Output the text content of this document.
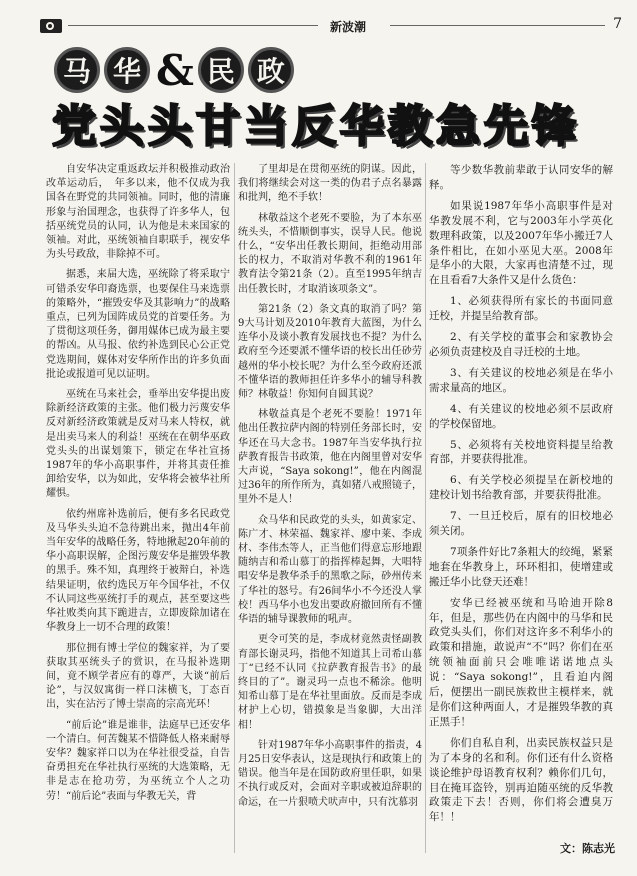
新波潮	7
马 华 & 民 政
党头头甘当反华教急先锋

自安华决定重返政坛并积极推动政治改革运动后，　年多以来，他不仅成为我国各在野党的共同领袖。同时，他的清廉形象与治国理念，也获得了许多华人，包括巫统党员的认同，认为他是未来国家的领袖。对此，巫统领袖自职联手，视安华为头号政敌，非除掉不可。

据悉，来届大选，巫统除了将采取宁可错杀安华印裔选票，也要保住马来选票的策略外，“摧毁安华及其影响力”的战略重点，已列为国阵成员党的首要任务。为了贯彻这项任务，御用媒体已成为最主要的帮凶。从马报、依约补选到民心公正党党选期间，媒体对安华所作出的许多负面批论或报道可见以证明。

巫统在马来社会，垂举出安华提出废除新经济政策的主张。他们极力污蔑安华反对新经济政策就是反对马来人特权，就是出卖马来人的利益！巫统在在朝华巫政党头头的出谋划策下，锁定在华社宣扬1987年的华小高职事件，并将其责任推卸给安华，以为如此，安华将会被华社所耀惧。

依约州席补选前后，便有多名民政党及马华头头迫不急待跳出来，抛出4年前当年安华的战略任务，特地揪起20年前的华小高职误解，企图污蔑安华是摧毁华教的黑手。殊不知，真理终于被辩白，补选结果证明，依约选民万年今国华社，不仅不认同这些巫统打手的观点，甚至要这些华社败类向其下跪进吉，立即废除加诸在华教身上一切不合理的政策！

那位拥有博士学位的魏家祥，为了要获取其巫统头子的赏识，在马报补选期间，竟不顾学者应有的尊严，大谈“前后论”，与汉奴寓街一样口沫横飞，丁态百出，实在沾污了博士崇高的宗高光环！

“前后论”谁是谁非，法庭早已还安华一个清白。何苦魏某不惜降低人格来耐辱安华？魏家祥口以为在华社很受益，自告奋勇担充在华社执行巫统的大选策略，无非是志在抢功劳，为巫统立个人之功劳！“前后论”表面与华教无关，背

了里却是在贯彻巫统的阴谋。因此，我们将继续会对这一类的伪君子点名暴露和批判，绝不手软！

林敬益这个老死不要脸，为了本东巫统头头，不惜顺倒事实，误导人民。他说什么，“安华出任教长期间，拒绝动用部长的权力，不取消对华教不利的1961年教育法令第21条（2）。直至1995年纳吉出任教长时，才取消该项条文”。

第21条（2）条文真的取消了吗？第9大马计划及2010年教育大蓝图，为什么连华小及谈小教育发展找也不提？为什么政府至今还要派不懂华语的校长出任砂劳越州的华小校长呢？为什么至今政府还派不懂华语的教师担任许多华小的辅导科教师？林敬益！你知何自圆其说？

林敬益真是个老死不要脸！1971年他出任教拉萨内阁的特别任务部长时，安华还在马大念书。1987年当安华执行拉萨教育报告书政策，他在内阁里曾对安华大声说，“Saya sokong!”，他在内阁混过36年的所作所为，真如猪八戒照镜子，里外不是人！

众马华和民政党的头头，如黄家定、陈广才、林荣福、魏家祥、廖中莱、李成材、李伟杰等人，正当他们得意忘形地跟随纳吉和希山慕丁的指挥棒起舞，大唱特唱安华是教华杀手的黑歌之际，砂州传来了华社的怒号。有26间华小不今还没人掌校！西马华小也发出要政府撤回所有不懂华语的辅导课教师的吼声。

更令可笑的是，李成材竟然责怪副教育部长谢灵玛，指他不知道其上司希山慕丁“已经不认同《拉萨教育报告书》的最终目的了”。谢灵玛一点也不稀涂。他明知希山慕丁是在华社里面放。反而是李成材护上心切，错摸象是当象脚，大出洋相！

针对1987年华小高职事件的指责，4月25日安华表认，这是现执行和政策上的错误。他当年是在国防政府里任职，如果不执行或反对，会面对辛职或被迫辞职的命运，在一片狠喷犬吠声中，只有沈慕羽

等少数华教前辈敢于认同安华的解释。

如果说1987年华小高职事件是对华教发展不利，它与2003年小学英化数理科政策，以及2007年华小搬迁7人条件相比，在如小巫见大巫。2008年是华小的大限，大家再也清楚不过，现在且看看7大条件又是什么货色：

1、必须获得所有家长的书面同意迁校，并提呈给教育部。
2、有关学校的董事会和家教协会必须负责建校及自寻迁校的土地。
3、有关建议的校地必须是在华小需求量高的地区。
4、有关建议的校地必须不层政府的学校保留地。
5、必须将有关校地资料提呈给教育部，并要获得批准。
6、有关学校必须提呈在新校地的建校计划书给教育部，并要获得批准。
7、一旦迁校后，原有的旧校地必须关闭。

7项条件好比7条粗大的绞绳，紧紧地套在华教身上，环环相扣，使增建或搬迁华小比登天还难！

安华已经被巫统和马哈迪开除8年，但是，那些仍在内阁中的马华和民政党头头们，你们对这许多不利华小的政策和措施，敢说声“不”吗？你们在巫统领袖面前只会唯唯诺诺地点头说：“Saya sokong!”，且看迫内阁后，便摆出一副民族救世主模样来，就是你们这种两面人，才是摧毁华教的真正黑手！

你们自私自利，出卖民族权益只是为了本身的名和利。你们还有什么资格谈论维护母语教育权利？赖你们几句，目在掩耳盗铃，别再迫随巫统的反华教政策走下去！否则，你们将会遭臭万年！！

文：陈志光
